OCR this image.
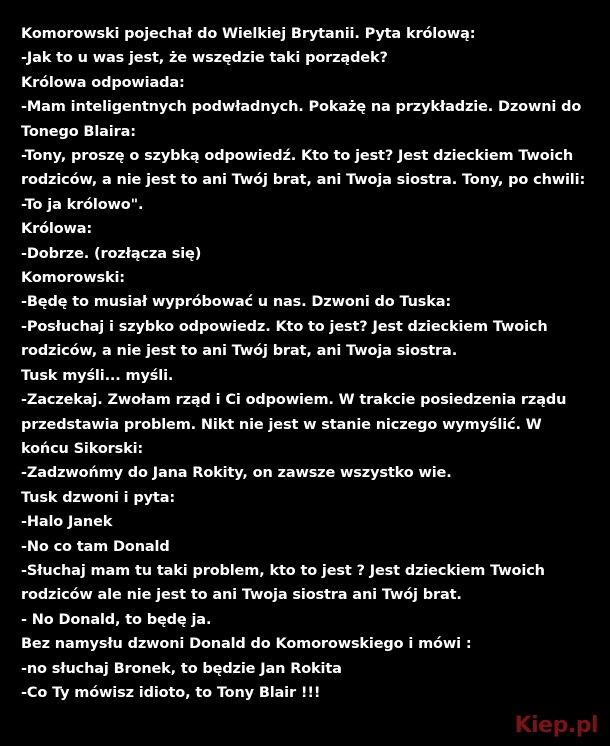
Komorowski pojechał do Wielkiej Brytanii. Pyta królową:
-Jak to u was jest, że wszędzie taki porządek?
Królowa odpowiada:
-Mam inteligentnych podwładnych. Pokażę na przykładzie. Dzowni do
Tonego Blaira:
-Tony, proszę o szybką odpowiedź. Kto to jest? Jest dzieckiem Twoich
rodziców, a nie jest to ani Twój brat, ani Twoja siostra. Tony, po chwili:
-To ja królowo".
Królowa:
-Dobrze. (rozłącza się)
Komorowski:
-Będę to musiał wypróbować u nas. Dzwoni do Tuska:
-Posłuchaj i szybko odpowiedz. Kto to jest? Jest dzieckiem Twoich
rodziców, a nie jest to ani Twój brat, ani Twoja siostra.
Tusk myśli... myśli.
-Zaczekaj. Zwołam rząd i Ci odpowiem. W trakcie posiedzenia rządu
przedstawia problem. Nikt nie jest w stanie niczego wymyślić. W
końcu Sikorski:
-Zadzwońmy do Jana Rokity, on zawsze wszystko wie.
Tusk dzwoni i pyta:
-Halo Janek
-No co tam Donald
-Słuchaj mam tu taki problem, kto to jest ? Jest dzieckiem Twoich
rodziców ale nie jest to ani Twoja siostra ani Twój brat.
- No Donald, to będę ja.
Bez namysłu dzwoni Donald do Komorowskiego i mówi :
-no słuchaj Bronek, to będzie Jan Rokita
-Co Ty mówisz idioto, to Tony Blair !!!
Kiep.pl
